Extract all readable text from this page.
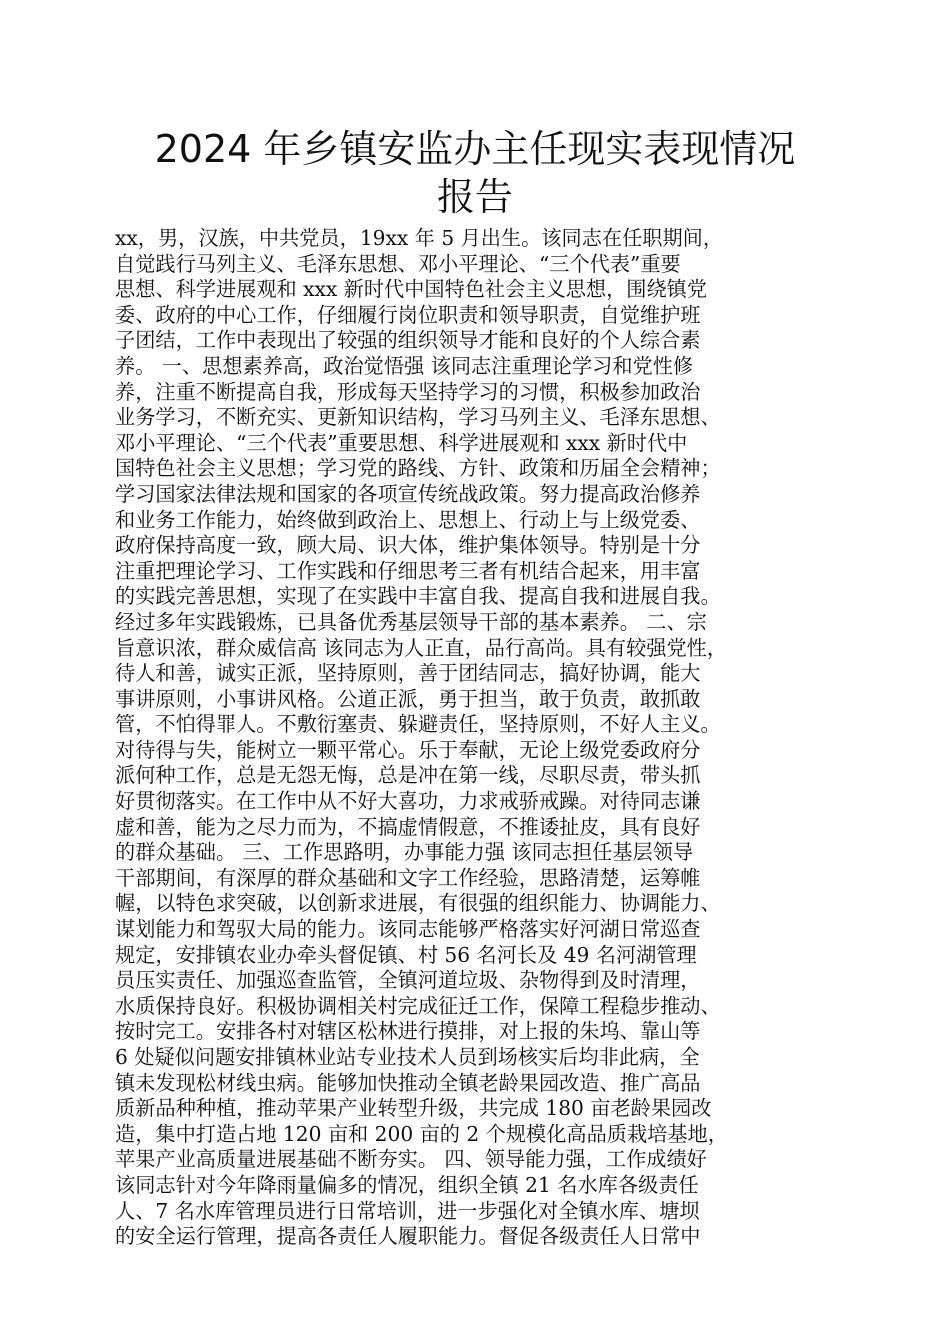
2024 年乡镇安监办主任现实表现情况
报告
xx，男，汉族，中共党员，19xx 年 5 月出生。该同志在任职期间，
自觉践行马列主义、毛泽东思想、邓小平理论、“三个代表”重要
思想、科学进展观和 xxx 新时代中国特色社会主义思想，围绕镇党
委、政府的中心工作，仔细履行岗位职责和领导职责，自觉维护班
子团结，工作中表现出了较强的组织领导才能和良好的个人综合素
养。 一、思想素养高，政治觉悟强 该同志注重理论学习和党性修
养，注重不断提高自我，形成每天坚持学习的习惯，积极参加政治
业务学习，不断充实、更新知识结构，学习马列主义、毛泽东思想、
邓小平理论、“三个代表”重要思想、科学进展观和 xxx 新时代中
国特色社会主义思想；学习党的路线、方针、政策和历届全会精神；
学习国家法律法规和国家的各项宣传统战政策。努力提高政治修养
和业务工作能力，始终做到政治上、思想上、行动上与上级党委、
政府保持高度一致，顾大局、识大体，维护集体领导。特别是十分
注重把理论学习、工作实践和仔细思考三者有机结合起来，用丰富
的实践完善思想，实现了在实践中丰富自我、提高自我和进展自我。
经过多年实践锻炼，已具备优秀基层领导干部的基本素养。 二、宗
旨意识浓，群众威信高 该同志为人正直，品行高尚。具有较强党性，
待人和善，诚实正派，坚持原则，善于团结同志，搞好协调，能大
事讲原则，小事讲风格。公道正派，勇于担当，敢于负责，敢抓敢
管，不怕得罪人。不敷衍塞责、躲避责任，坚持原则，不好人主义。
对待得与失，能树立一颗平常心。乐于奉献，无论上级党委政府分
派何种工作，总是无怨无悔，总是冲在第一线，尽职尽责，带头抓
好贯彻落实。在工作中从不好大喜功，力求戒骄戒躁。对待同志谦
虚和善，能为之尽力而为，不搞虚情假意，不推诿扯皮，具有良好
的群众基础。 三、工作思路明，办事能力强 该同志担任基层领导
干部期间，有深厚的群众基础和文字工作经验，思路清楚，运筹帷
幄，以特色求突破，以创新求进展，有很强的组织能力、协调能力、
谋划能力和驾驭大局的能力。该同志能够严格落实好河湖日常巡查
规定，安排镇农业办牵头督促镇、村 56 名河长及 49 名河湖管理
员压实责任、加强巡查监管，全镇河道垃圾、杂物得到及时清理，
水质保持良好。积极协调相关村完成征迁工作，保障工程稳步推动、
按时完工。安排各村对辖区松林进行摸排，对上报的朱坞、靠山等
6 处疑似问题安排镇林业站专业技术人员到场核实后均非此病，全
镇未发现松材线虫病。能够加快推动全镇老龄果园改造、推广高品
质新品种种植，推动苹果产业转型升级，共完成 180 亩老龄果园改
造，集中打造占地 120 亩和 200 亩的 2 个规模化高品质栽培基地，
苹果产业高质量进展基础不断夯实。 四、领导能力强，工作成绩好
该同志针对今年降雨量偏多的情况，组织全镇 21 名水库各级责任
人、7 名水库管理员进行日常培训，进一步强化对全镇水库、塘坝
的安全运行管理，提高各责任人履职能力。督促各级责任人日常中
